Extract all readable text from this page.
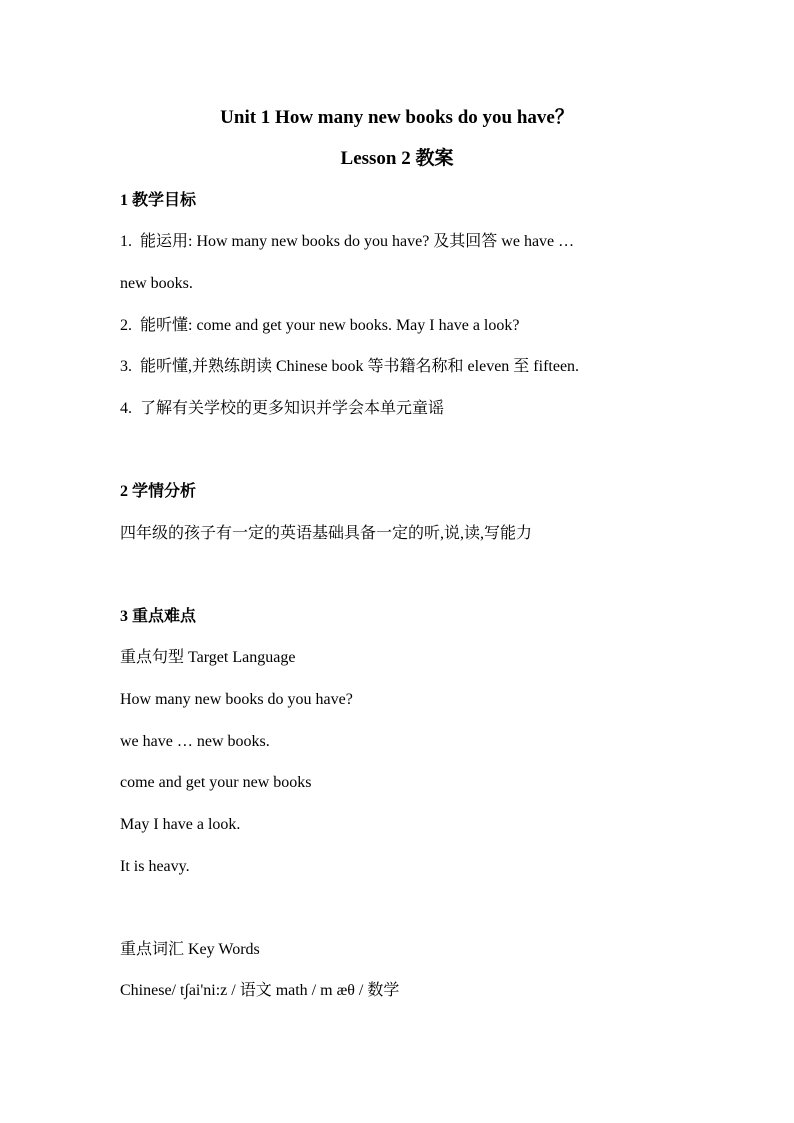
Unit 1 How many new books do you have？
Lesson 2 教案
1 教学目标
1. 能运用: How many new books do you have? 及其回答 we have …
new books.
2. 能听懂: come and get your new books. May I have a look?
3. 能听懂,并熟练朗读 Chinese book 等书籍名称和 eleven 至 fifteen.
4. 了解有关学校的更多知识并学会本单元童谣
2 学情分析
四年级的孩子有一定的英语基础具备一定的听,说,读,写能力
3 重点难点
重点句型 Target Language
How many new books do you have?
we have … new books.
come and get your new books
May I have a look.
It is heavy.
重点词汇 Key Words
Chinese/ t∫ai'ni:z / 语文 math / m æθ / 数学
